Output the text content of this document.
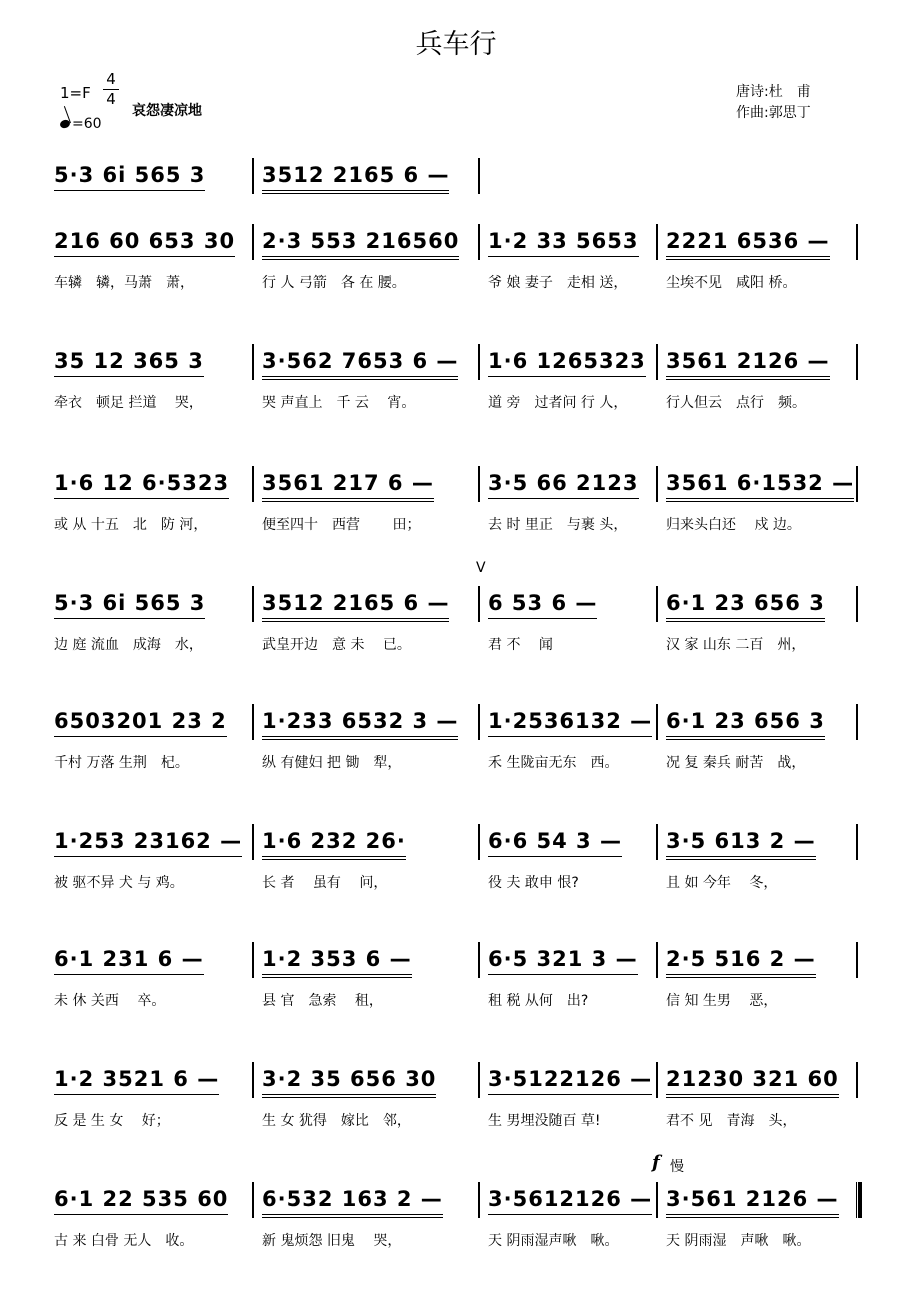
兵车行
1=F
4
4
=60
哀怨凄凉地
唐诗:杜　甫
作曲:郭思丁
V
f 慢
5·3 6i 565 3	3512 2165 6 —
216 60 653 30
车辚　辚，马萧　萧，
2·3 553 216560
行 人 弓箭　各 在 腰。
1·2 33 5653
爷 娘 妻子　走相 送，
2221 6536 —
尘埃不见　咸阳 桥。
35 12 365 3
牵衣　顿足 拦道　 哭，
3·562 7653 6 —
哭 声直上　千 云　 宵。
1·6 1265323
道 旁　过者问 行 人，
3561 2126 —
行人但云　点行　频。
1·6 12 6·5323
或 从 十五　北　防 河，
3561 217 6 —
便至四十　西营　　 田；
3·5 66 2123
去 时 里正　与裹 头，
3561 6·1532 —
归来头白还　 戍 边。
5·3 6i 565 3
边 庭 流血　成海　水，
3512 2165 6 —
武皇开边　意 未　 已。
6 53 6 —
君 不　 闻
6·1 23 656 3
汉 家 山东 二百　州，
6503201 23 2
千村 万落 生荆　杞。
1·233 6532 3 —
纵 有健妇 把 锄　犁，
1·2536132 —
禾 生陇亩无东　西。
6·1 23 656 3
况 复 秦兵 耐苦　战，
1·253 23162 —
被 驱不异 犬 与 鸡。
1·6 232 26·
长 者　 虽有　 问，
6·6 54 3 —
役 夫 敢申 恨?
3·5 613 2 —
且 如 今年　 冬，
6·1 231 6 —
未 休 关西　 卒。
1·2 353 6 —
县 官　急索　 租，
6·5 321 3 —
租 税 从何　出?
2·5 516 2 —
信 知 生男　 恶，
1·2 3521 6 —
反 是 生 女　 好；
3·2 35 656 30
生 女 犹得　嫁比　邻，
3·5122126 —
生 男埋没随百 草!
21230 321 60
君不 见　青海　头，
6·1 22 535 60
古 来 白骨 无人　收。
6·532 163 2 —
新 鬼烦怨 旧鬼　 哭，
3·5612126 —
天 阴雨湿声啾　啾。
3·561 2126 —
天 阴雨湿　声啾　啾。
